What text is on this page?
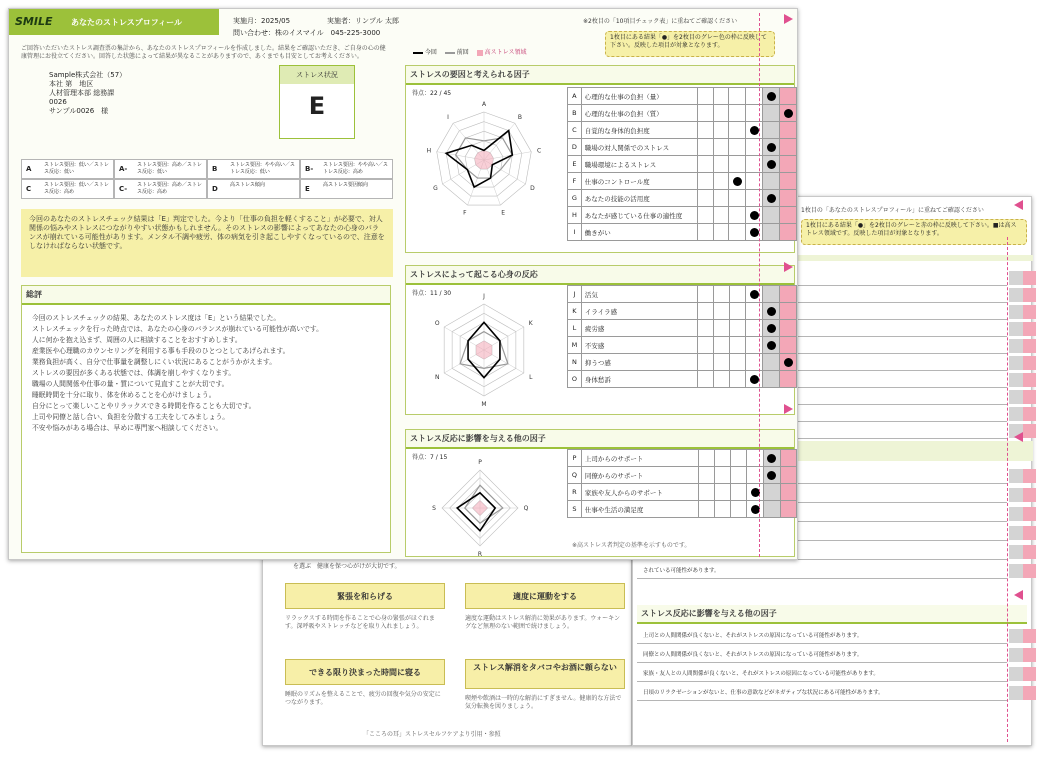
を選ぶ　健康を保つ心がけが大切です。
緊張を和らげる
リラックスする時間を作ることで心身の緊張がほぐれます。深呼吸やストレッチなどを取り入れましょう。
適度に運動をする
適度な運動はストレス解消に効果があります。ウォーキングなど無理のない範囲で続けましょう。
できる限り決まった時間に寝る
睡眠のリズムを整えることで、疲労の回復や気分の安定につながります。
ストレス解消をタバコやお酒に頼らない
喫煙や飲酒は一時的な解消にすぎません。健康的な方法で気分転換を図りましょう。
「こころの耳」ストレスセルフケアより引用・参照
1枚目の「あなたのストレスプロフィール」に重ねてご確認ください
1枚目にある結果「●」を2枚目のグレーと赤の枠に反映して下さい。■は高ストレス領域です。反映した項目が対象となります。
されている可能性があります。
ストレス反応に影響を与える他の因子
上司との人間関係が良くないと、それがストレスの原因になっている可能性があります。
同僚との人間関係が良くないと、それがストレスの原因になっている可能性があります。
家族・友人との人間関係が良くないと、それがストレスの原因になっている可能性があります。
日頃のリラクゼーションがないと、仕事の意欲などがネガティブな状況にある可能性があります。
SMILE あなたのストレスプロフィール	実施月：2025/05	実施者：リンプル 太郎
問い合わせ：株のイスマイル　045-225-3000
※2枚目の「10項目チェック表」に重ねてご確認ください
1枚目にある結果「●」を2枚目のグレー色の枠に反映して下さい。反映した項目が対象となります。
ご回答いただいたストレス調査票の集計から、あなたのストレスプロフィールを作成しました。結果をご確認いただき、ご自身の心の健康管理にお役立てください。回答した状態によって結果が異なることがありますので、あくまでも目安としてお考えください。
Sample株式会社（57）
本社 第　地区
人材管理本部 総務課
0026
サンプル0026　様
ストレス状況
E
A	ストレス要因：低い／ストレス反応：低い	A- ストレス要因：高め／ストレス反応：低い	B	ストレス要因：やや高い／ストレス反応：低い	B- ストレス要因：やや高い／ストレス反応：高め
C	ストレス要因：低い／ストレス反応：高め	C- ストレス要因：高め／ストレス反応：高め	D 高ストレス傾向	E	高ストレス要因傾向
今回のあなたのストレスチェック結果は「E」判定でした。今より「仕事の負担を軽くすること」が必要で、対人関係の悩みやストレスにつながりやすい状態かもしれません。そのストレスの影響によってあなたの心身のバランスが崩れている可能性があります。メンタル不調や疲労、体の病気を引き起こしやすくなっているので、注意をしなければならない状態です。
総評
今回のストレスチェックの結果、あなたのストレス度は「E」という結果でした。
ストレスチェックを行った時点では、あなたの心身のバランスが崩れている可能性が高いです。
人に何かを抱え込まず、周囲の人に相談することをおすすめします。
産業医や心理職のカウンセリングを利用する事も手段のひとつとしてあげられます。
業務負担が高く、自分で仕事量を調整しにくい状況にあることがうかがえます。
ストレスの要因が多くある状態では、体調を崩しやすくなります。
職場の人間関係や仕事の量・質について見直すことが大切です。
睡眠時間を十分に取り、体を休めることを心がけましょう。
自分にとって楽しいことやリラックスできる時間を作ることも大切です。
上司や同僚と話し合い、負担を分散する工夫をしてみましょう。
不安や悩みがある場合は、早めに専門家へ相談してください。
今回	前回	高ストレス領域
ストレスの要因と考えられる因子
得点：22 / 45
A
B
C
D
E
F
G
H
I
A	心理的な仕事の負担（量）						
B	心理的な仕事の負担（質）						
C	自覚的な身体的負担度						
D	職場の対人関係でのストレス						
E	職場環境によるストレス						
F	仕事のコントロール度						
G	あなたの技能の活用度						
H	あなたが感じている仕事の適性度						
I	働きがい						
ストレスによって起こる心身の反応
得点：11 / 30	J
K
L
M
N
O
J	活気						
K	イライラ感						
L	疲労感						
M	不安感						
N	抑うつ感						
O	身体愁訴						
ストレス反応に影響を与える他の因子
得点：7 / 15
P
Q
R
S
※高ストレス者判定の基準を示すものです。
P	上司からのサポート						
Q	同僚からのサポート						
R	家族や友人からのサポート						
S	仕事や生活の満足度						
